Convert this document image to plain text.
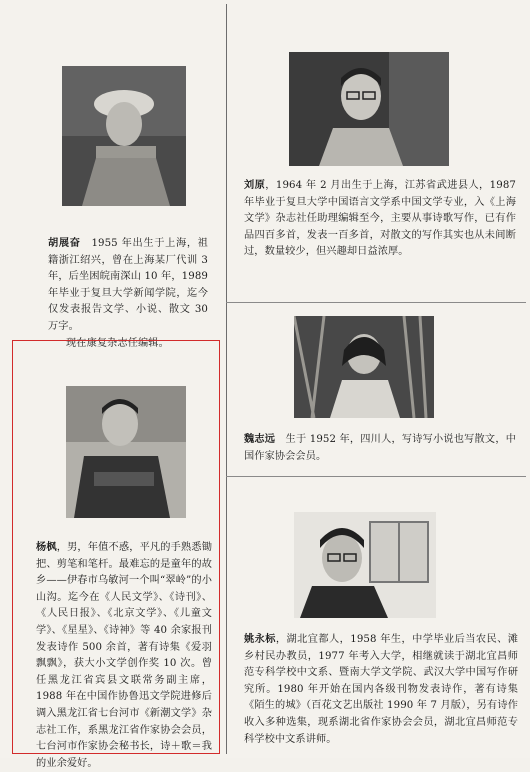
胡展奋　 1955 年出生于上海，祖籍浙江绍兴，曾在上海某厂代训 3 年，后坐困皖南深山 10 年，1989 年毕业于复旦大学新闻学院，迄今仅发表报告文学、小说、散文 30 万字。

现在康复杂志任编辑。

刘原，1964 年 2 月出生于上海，江苏省武进县人，1987 年毕业于复旦大学中国语言文学系中国文学专业，入《上海文学》杂志社任助理编辑至今，主要从事诗歌写作，已有作品四百多首，发表一百多首，对散文的写作其实也从未间断过，数量较少，但兴趣却日益浓厚。

杨枫，男，年值不惑，平凡的手熟悉锄把、剪笔和笔杆。最难忘的是童年的故乡——伊春市乌敏河一个叫“翠岭”的小山沟。迄今在《人民文学》、《诗刊》、《人民日报》、《北京文学》、《儿童文学》、《星星》、《诗神》等 40 余家报刊发表诗作 500 余首，著有诗集《爱羽飘飘》，获大小文学创作奖 10 次。曾任黑龙江省宾县文联常务副主席，1988 年在中国作协鲁迅文学院进修后调入黑龙江省七台河市《新潮文学》杂志社工作，系黑龙江省作家协会会员，七台河市作家协会秘书长，诗＋歌＝我的业余爱好。

魏志远　生于 1952 年，四川人，写诗写小说也写散文，中国作家协会会员。

姚永标，湖北宜都人，1958 年生，中学毕业后当农民、滩乡村民办教员，1977 年考入大学，相继就读于湖北宜昌师范专科学校中文系、暨南大学文学院、武汉大学中国写作研究所。1980 年开始在国内各级刊物发表诗作，著有诗集《陌生的城》（百花文艺出版社 1990 年 7 月版），另有诗作收入多种选集，现系湖北省作家协会会员，湖北宜昌师范专科学校中文系讲师。
